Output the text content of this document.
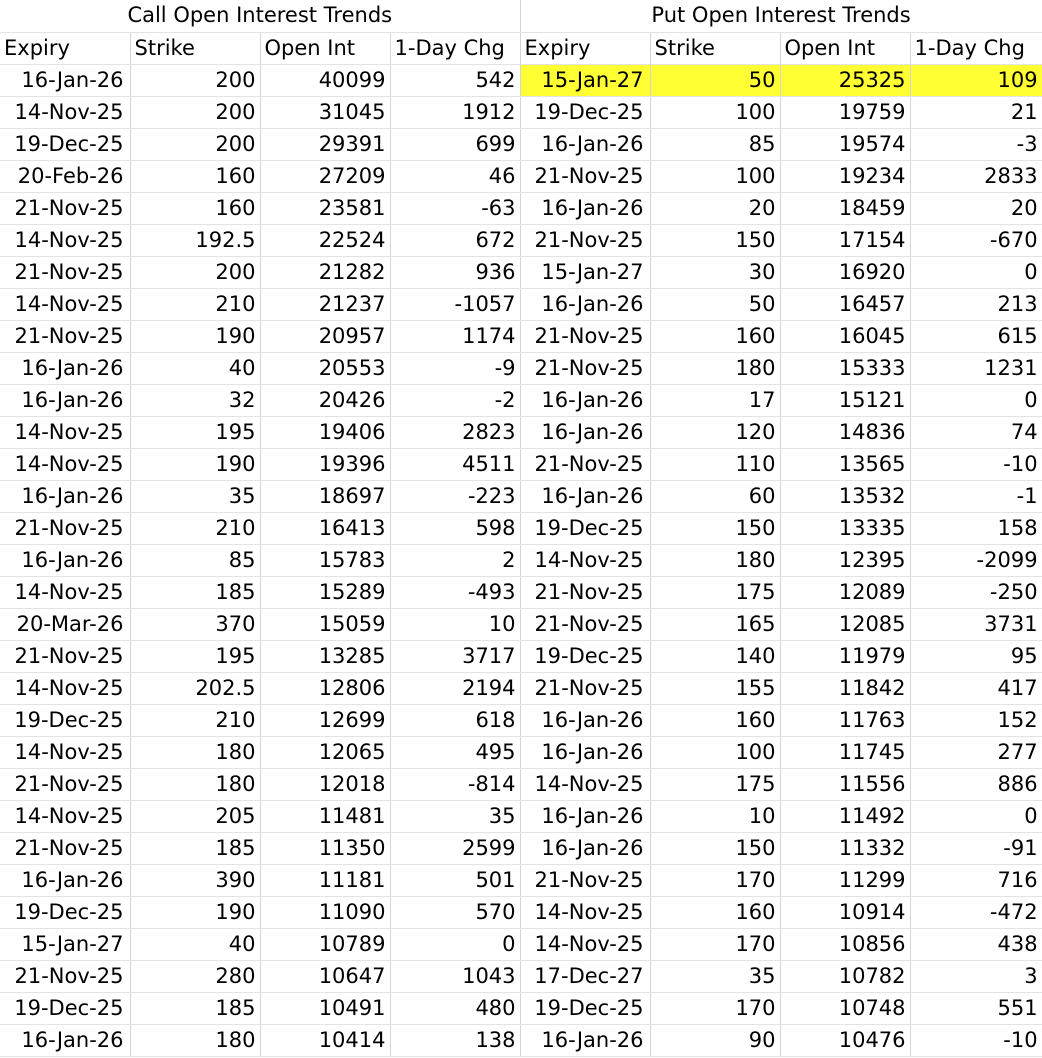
Call Open Interest Trends				Put Open Interest Trends			
Expiry	Strike	Open Int	1-Day Chg	Expiry	Strike	Open Int	1-Day Chg
16-Jan-26	200	40099	542	15-Jan-27	50	25325	109
14-Nov-25	200	31045	1912	19-Dec-25	100	19759	21
19-Dec-25	200	29391	699	16-Jan-26	85	19574	-3
20-Feb-26	160	27209	46	21-Nov-25	100	19234	2833
21-Nov-25	160	23581	-63	16-Jan-26	20	18459	20
14-Nov-25	192.5	22524	672	21-Nov-25	150	17154	-670
21-Nov-25	200	21282	936	15-Jan-27	30	16920	0
14-Nov-25	210	21237	-1057	16-Jan-26	50	16457	213
21-Nov-25	190	20957	1174	21-Nov-25	160	16045	615
16-Jan-26	40	20553	-9	21-Nov-25	180	15333	1231
16-Jan-26	32	20426	-2	16-Jan-26	17	15121	0
14-Nov-25	195	19406	2823	16-Jan-26	120	14836	74
14-Nov-25	190	19396	4511	21-Nov-25	110	13565	-10
16-Jan-26	35	18697	-223	16-Jan-26	60	13532	-1
21-Nov-25	210	16413	598	19-Dec-25	150	13335	158
16-Jan-26	85	15783	2	14-Nov-25	180	12395	-2099
14-Nov-25	185	15289	-493	21-Nov-25	175	12089	-250
20-Mar-26	370	15059	10	21-Nov-25	165	12085	3731
21-Nov-25	195	13285	3717	19-Dec-25	140	11979	95
14-Nov-25	202.5	12806	2194	21-Nov-25	155	11842	417
19-Dec-25	210	12699	618	16-Jan-26	160	11763	152
14-Nov-25	180	12065	495	16-Jan-26	100	11745	277
21-Nov-25	180	12018	-814	14-Nov-25	175	11556	886
14-Nov-25	205	11481	35	16-Jan-26	10	11492	0
21-Nov-25	185	11350	2599	16-Jan-26	150	11332	-91
16-Jan-26	390	11181	501	21-Nov-25	170	11299	716
19-Dec-25	190	11090	570	14-Nov-25	160	10914	-472
15-Jan-27	40	10789	0	14-Nov-25	170	10856	438
21-Nov-25	280	10647	1043	17-Dec-27	35	10782	3
19-Dec-25	185	10491	480	19-Dec-25	170	10748	551
16-Jan-26	180	10414	138	16-Jan-26	90	10476	-10
